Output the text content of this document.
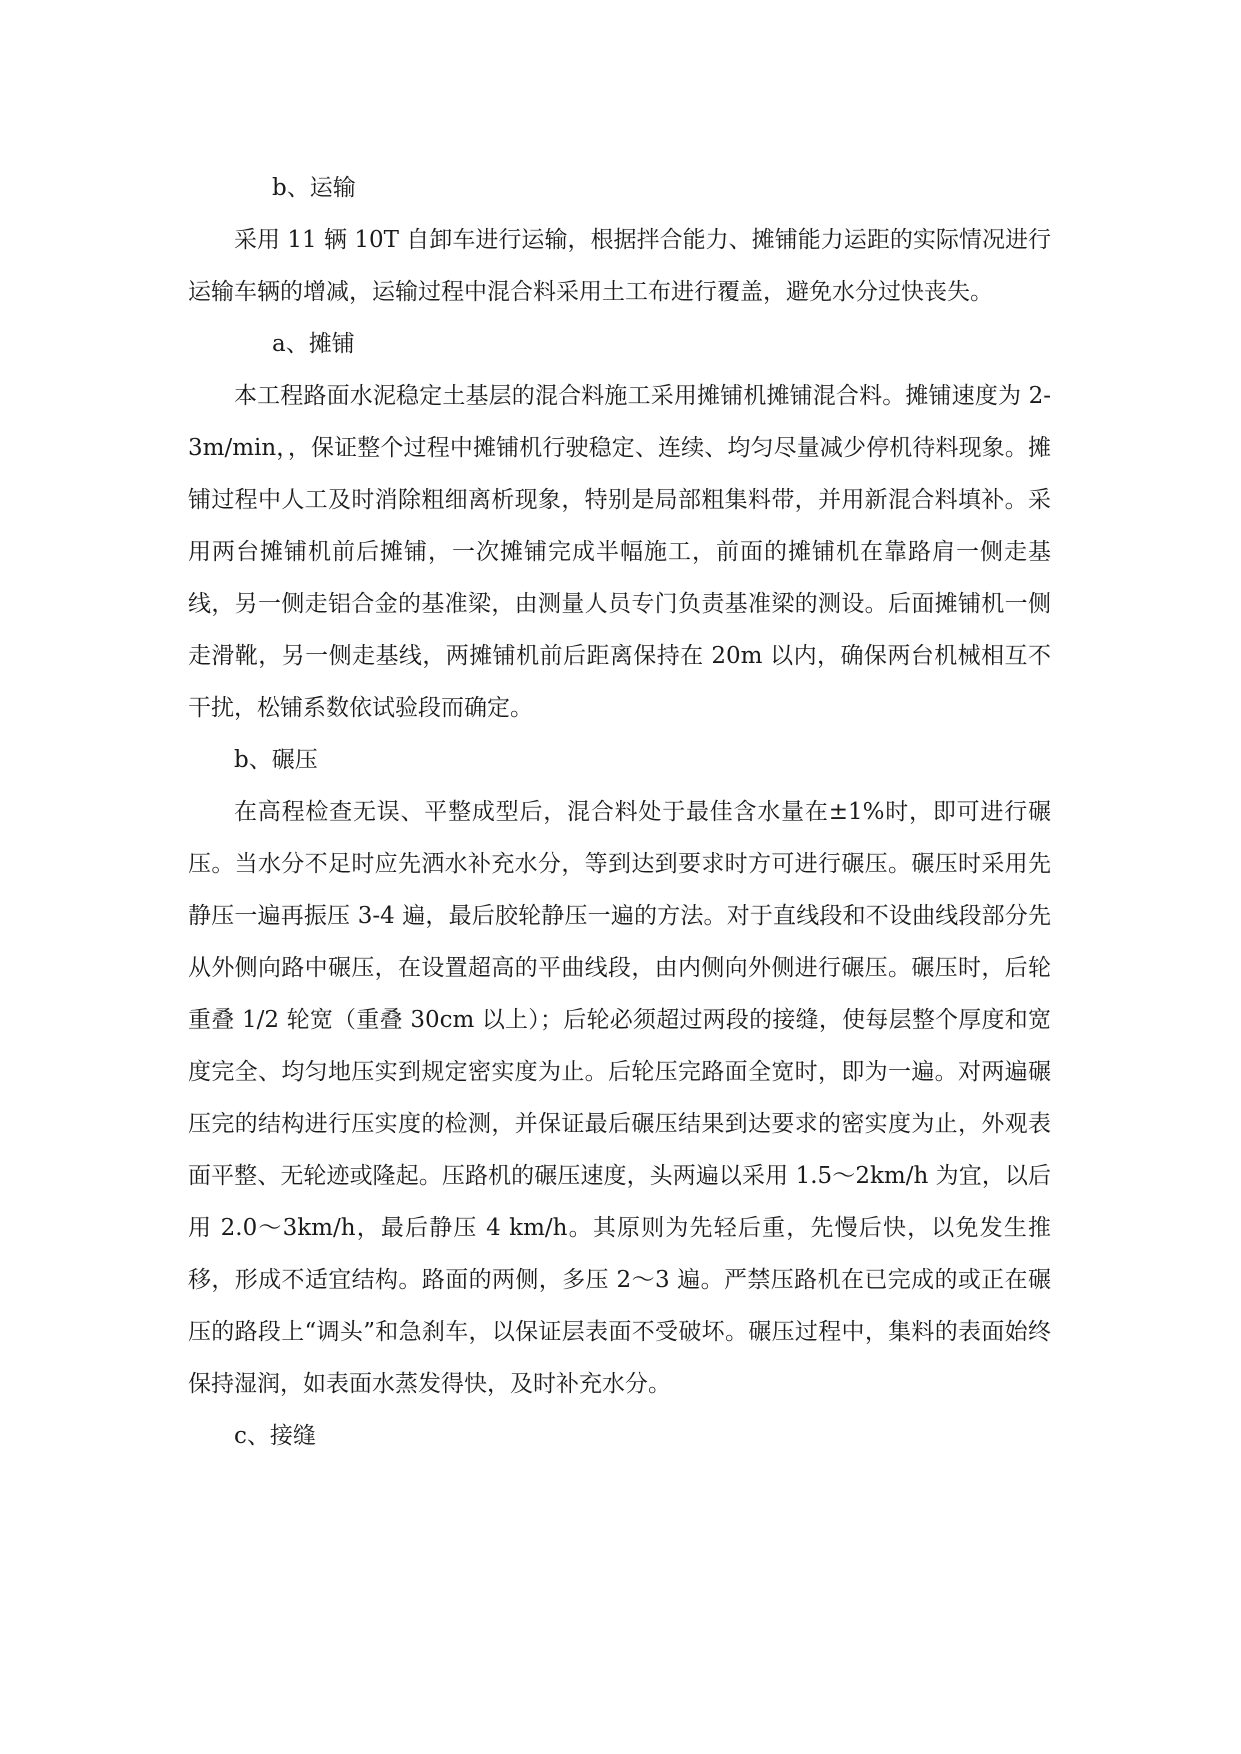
b、运输

采用 11 辆 10T 自卸车进行运输，根据拌合能力、摊铺能力运距的实际情况进行运输车辆的增减，运输过程中混合料采用土工布进行覆盖，避免水分过快丧失。

a、摊铺

本工程路面水泥稳定土基层的混合料施工采用摊铺机摊铺混合料。摊铺速度为 2-3m/min，，保证整个过程中摊铺机行驶稳定、连续、均匀尽量减少停机待料现象。摊铺过程中人工及时消除粗细离析现象，特别是局部粗集料带，并用新混合料填补。采用两台摊铺机前后摊铺，一次摊铺完成半幅施工，前面的摊铺机在靠路肩一侧走基线，另一侧走铝合金的基准梁，由测量人员专门负责基准梁的测设。后面摊铺机一侧走滑靴，另一侧走基线，两摊铺机前后距离保持在 20m 以内，确保两台机械相互不干扰，松铺系数依试验段而确定。

b、碾压

在高程检查无误、平整成型后，混合料处于最佳含水量在±1%时，即可进行碾压。当水分不足时应先洒水补充水分，等到达到要求时方可进行碾压。碾压时采用先静压一遍再振压 3-4 遍，最后胶轮静压一遍的方法。对于直线段和不设曲线段部分先从外侧向路中碾压，在设置超高的平曲线段，由内侧向外侧进行碾压。碾压时，后轮重叠 1/2 轮宽（重叠 30cm 以上）；后轮必须超过两段的接缝，使每层整个厚度和宽度完全、均匀地压实到规定密实度为止。后轮压完路面全宽时，即为一遍。对两遍碾压完的结构进行压实度的检测，并保证最后碾压结果到达要求的密实度为止，外观表面平整、无轮迹或隆起。压路机的碾压速度，头两遍以采用 1.5～2km/h 为宜，以后用 2.0～3km/h，最后静压 4 km/h。其原则为先轻后重，先慢后快，以免发生推移，形成不适宜结构。路面的两侧，多压 2～3 遍。严禁压路机在已完成的或正在碾压的路段上“调头”和急刹车，以保证层表面不受破坏。碾压过程中，集料的表面始终保持湿润，如表面水蒸发得快，及时补充水分。

c、接缝
